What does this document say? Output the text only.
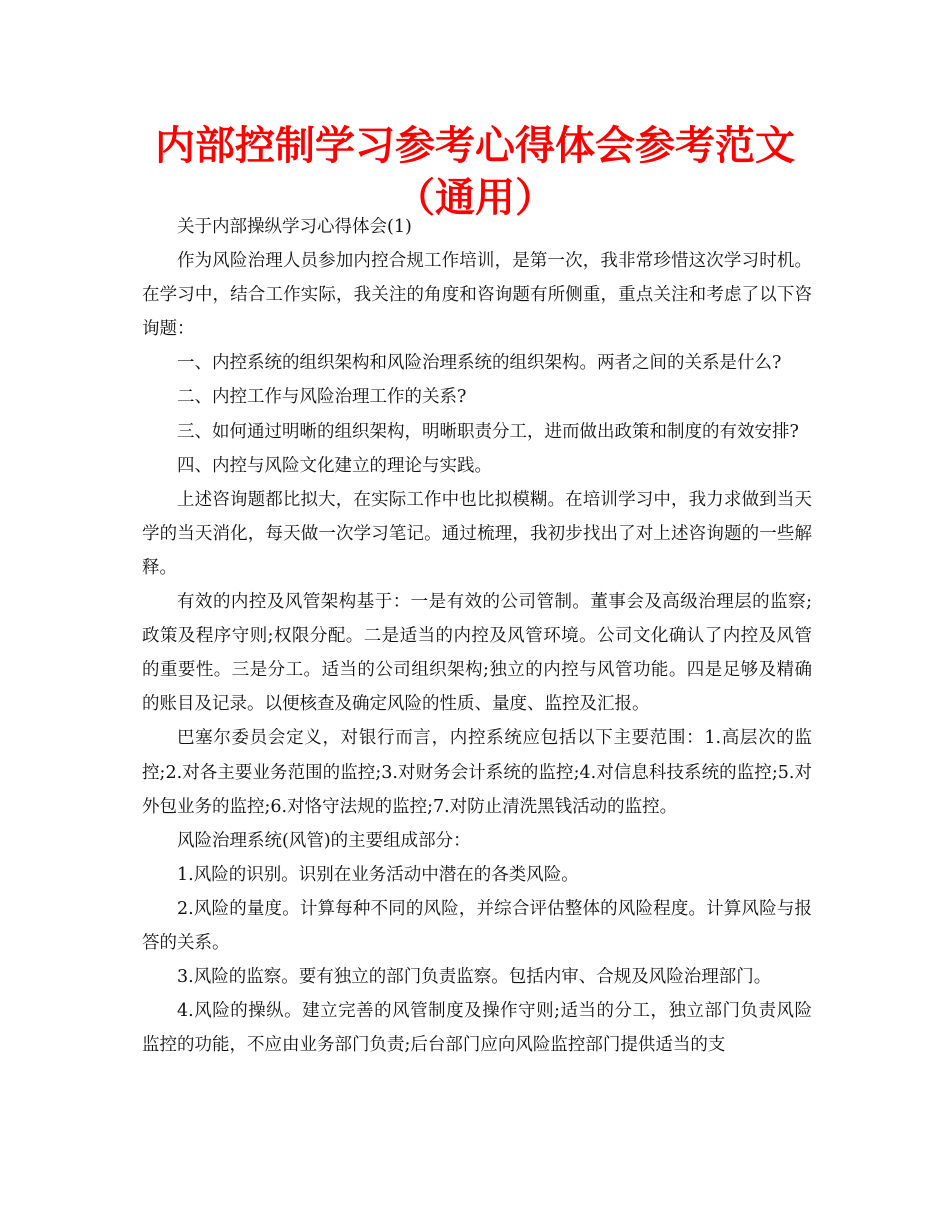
内部控制学习参考心得体会参考范文（通用）

关于内部操纵学习心得体会(1)

作为风险治理人员参加内控合规工作培训，是第一次，我非常珍惜这次学习时机。在学习中，结合工作实际，我关注的角度和咨询题有所侧重，重点关注和考虑了以下咨询题：

一、内控系统的组织架构和风险治理系统的组织架构。两者之间的关系是什么?

二、内控工作与风险治理工作的关系?

三、如何通过明晰的组织架构，明晰职责分工，进而做出政策和制度的有效安排?

四、内控与风险文化建立的理论与实践。

上述咨询题都比拟大，在实际工作中也比拟模糊。在培训学习中，我力求做到当天学的当天消化，每天做一次学习笔记。通过梳理，我初步找出了对上述咨询题的一些解释。

有效的内控及风管架构基于：一是有效的公司管制。董事会及高级治理层的监察;政策及程序守则;权限分配。二是适当的内控及风管环境。公司文化确认了内控及风管的重要性。三是分工。适当的公司组织架构;独立的内控与风管功能。四是足够及精确的账目及记录。以便核查及确定风险的性质、量度、监控及汇报。

巴塞尔委员会定义，对银行而言，内控系统应包括以下主要范围：1.高层次的监控;2.对各主要业务范围的监控;3.对财务会计系统的监控;4.对信息科技系统的监控;5.对外包业务的监控;6.对恪守法规的监控;7.对防止清洗黑钱活动的监控。

风险治理系统(风管)的主要组成部分：

1.风险的识别。识别在业务活动中潜在的各类风险。

2.风险的量度。计算每种不同的风险，并综合评估整体的风险程度。计算风险与报答的关系。

3.风险的监察。要有独立的部门负责监察。包括内审、合规及风险治理部门。

4.风险的操纵。建立完善的风管制度及操作守则;适当的分工，独立部门负责风险监控的功能，不应由业务部门负责;后台部门应向风险监控部门提供适当的支
